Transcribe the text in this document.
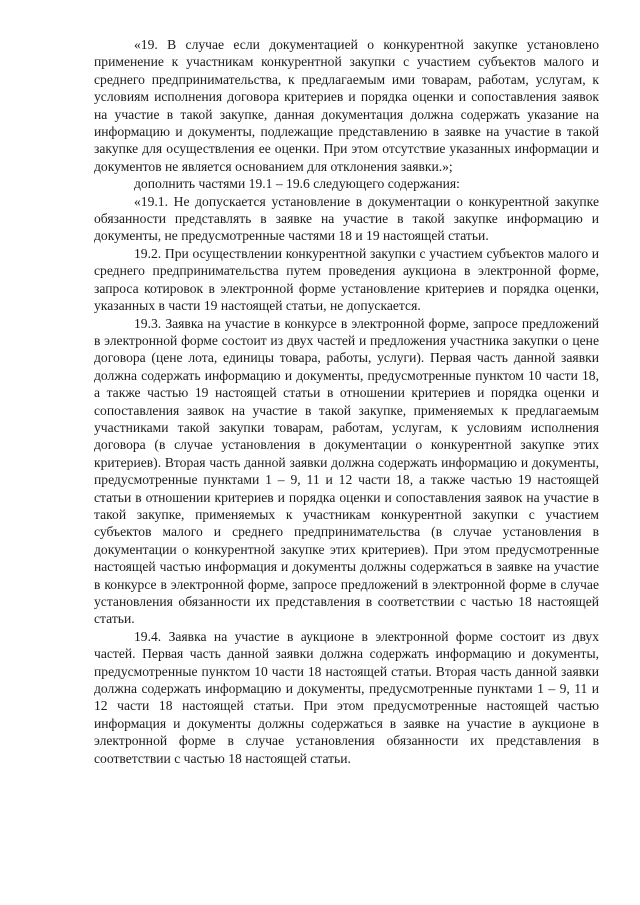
«19. В случае если документацией о конкурентной закупке установлено применение к участникам конкурентной закупки с участием субъектов малого и среднего предпринимательства, к предлагаемым ими товарам, работам, услугам, к условиям исполнения договора критериев и порядка оценки и сопоставления заявок на участие в такой закупке, данная документация должна содержать указание на информацию и документы, подлежащие представлению в заявке на участие в такой закупке для осуществления ее оценки. При этом отсутствие указанных информации и документов не является основанием для отклонения заявки.»;

дополнить частями 19.1 – 19.6 следующего содержания:

«19.1. Не допускается установление в документации о конкурентной закупке обязанности представлять в заявке на участие в такой закупке информацию и документы, не предусмотренные частями 18 и 19 настоящей статьи.

19.2. При осуществлении конкурентной закупки с участием субъектов малого и среднего предпринимательства путем проведения аукциона в электронной форме, запроса котировок в электронной форме установление критериев и порядка оценки, указанных в части 19 настоящей статьи, не допускается.

19.3. Заявка на участие в конкурсе в электронной форме, запросе предложений в электронной форме состоит из двух частей и предложения участника закупки о цене договора (цене лота, единицы товара, работы, услуги). Первая часть данной заявки должна содержать информацию и документы, предусмотренные пунктом 10 части 18, а также частью 19 настоящей статьи в отношении критериев и порядка оценки и сопоставления заявок на участие в такой закупке, применяемых к предлагаемым участниками такой закупки товарам, работам, услугам, к условиям исполнения договора (в случае установления в документации о конкурентной закупке этих критериев). Вторая часть данной заявки должна содержать информацию и документы, предусмотренные пунктами 1 – 9, 11 и 12 части 18, а также частью 19 настоящей статьи в отношении критериев и порядка оценки и сопоставления заявок на участие в такой закупке, применяемых к участникам конкурентной закупки с участием субъектов малого и среднего предпринимательства (в случае установления в документации о конкурентной закупке этих критериев). При этом предусмотренные настоящей частью информация и документы должны содержаться в заявке на участие в конкурсе в электронной форме, запросе предложений в электронной форме в случае установления обязанности их представления в соответствии с частью 18 настоящей статьи.

19.4. Заявка на участие в аукционе в электронной форме состоит из двух частей. Первая часть данной заявки должна содержать информацию и документы, предусмотренные пунктом 10 части 18 настоящей статьи. Вторая часть данной заявки должна содержать информацию и документы, предусмотренные пунктами 1 – 9, 11 и 12 части 18 настоящей статьи. При этом предусмотренные настоящей частью информация и документы должны содержаться в заявке на участие в аукционе в электронной форме в случае установления обязанности их представления в соответствии с частью 18 настоящей статьи.
